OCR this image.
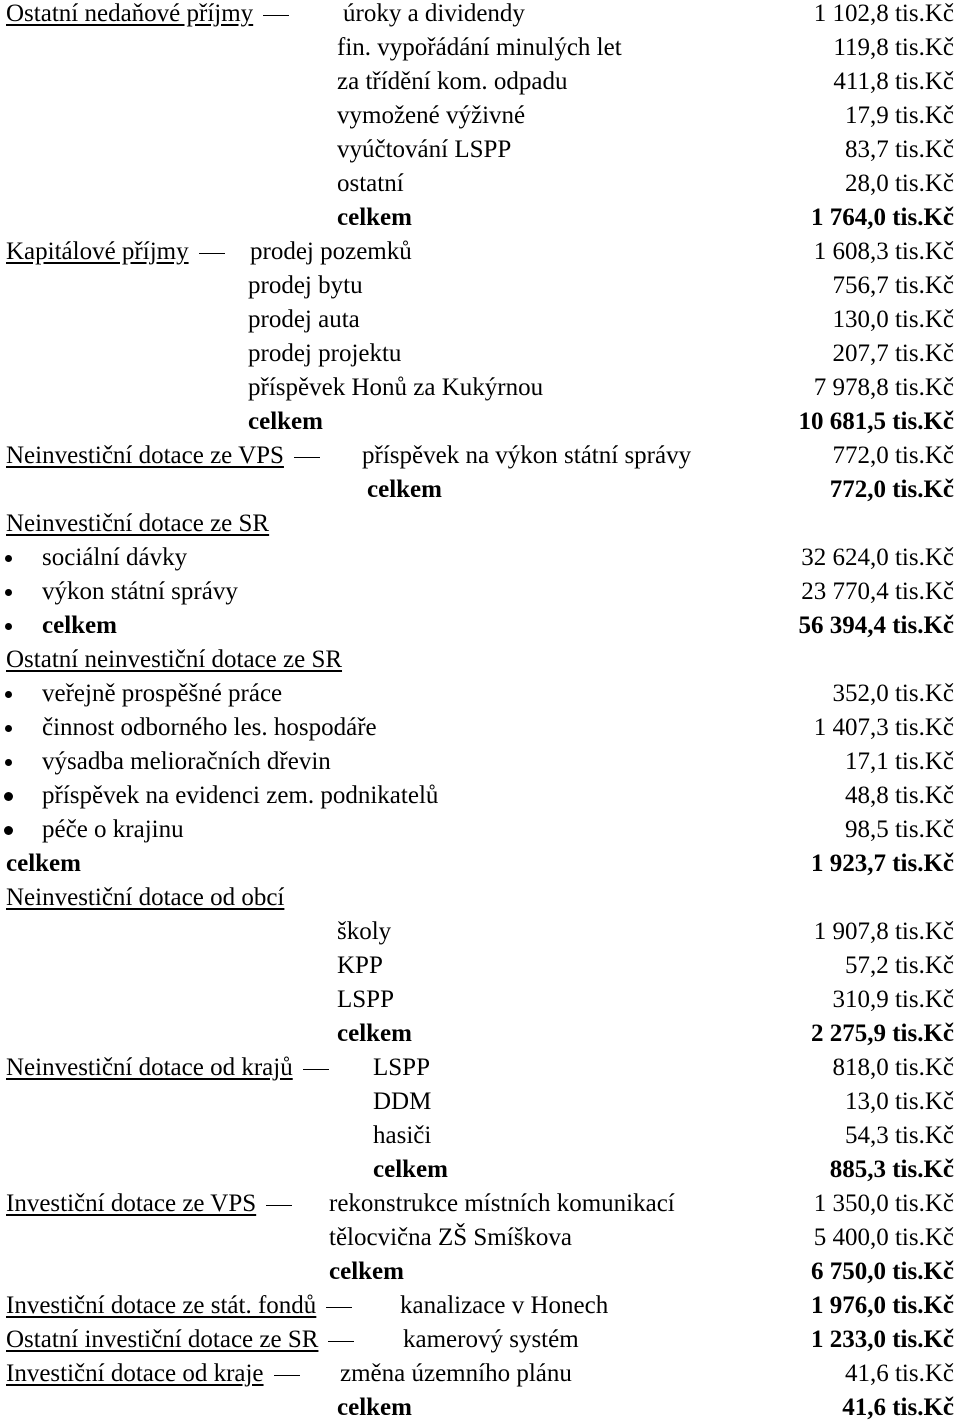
Ostatní nedaňové příjmy	úroky a dividendy	1 102,8 tis.Kč
fin. vypořádání minulých let	119,8 tis.Kč
za třídění kom. odpadu	411,8 tis.Kč
vymožené výživné	17,9 tis.Kč
vyúčtování LSPP	83,7 tis.Kč
ostatní	28,0 tis.Kč
celkem	1 764,0 tis.Kč
Kapitálové příjmy	prodej pozemků	1 608,3 tis.Kč
prodej bytu	756,7 tis.Kč
prodej auta	130,0 tis.Kč
prodej projektu	207,7 tis.Kč
příspěvek Honů za Kukýrnou	7 978,8 tis.Kč
celkem	10 681,5 tis.Kč
Neinvestiční dotace ze VPS	příspěvek na výkon státní správy	772,0 tis.Kč
celkem	772,0 tis.Kč
Neinvestiční dotace ze SR
sociální dávky	32 624,0 tis.Kč
výkon státní správy	23 770,4 tis.Kč
celkem	56 394,4 tis.Kč
Ostatní neinvestiční dotace ze SR
veřejně prospěšné práce	352,0 tis.Kč
činnost odborného les. hospodáře	1 407,3 tis.Kč
výsadba melioračních dřevin	17,1 tis.Kč
příspěvek na evidenci zem. podnikatelů	48,8 tis.Kč
péče o krajinu	98,5 tis.Kč
celkem	1 923,7 tis.Kč
Neinvestiční dotace od obcí
školy	1 907,8 tis.Kč
KPP	57,2 tis.Kč
LSPP	310,9 tis.Kč
celkem	2 275,9 tis.Kč
Neinvestiční dotace od krajů	LSPP	818,0 tis.Kč
DDM	13,0 tis.Kč
hasiči	54,3 tis.Kč
celkem	885,3 tis.Kč
Investiční dotace ze VPS	rekonstrukce místních komunikací	1 350,0 tis.Kč
tělocvična ZŠ Smíškova	5 400,0 tis.Kč
celkem	6 750,0 tis.Kč
Investiční dotace ze stát. fondů	kanalizace v Honech	1 976,0 tis.Kč
Ostatní investiční dotace ze SR	kamerový systém	1 233,0 tis.Kč
Investiční dotace od kraje	změna územního plánu	41,6 tis.Kč
celkem	41,6 tis.Kč
